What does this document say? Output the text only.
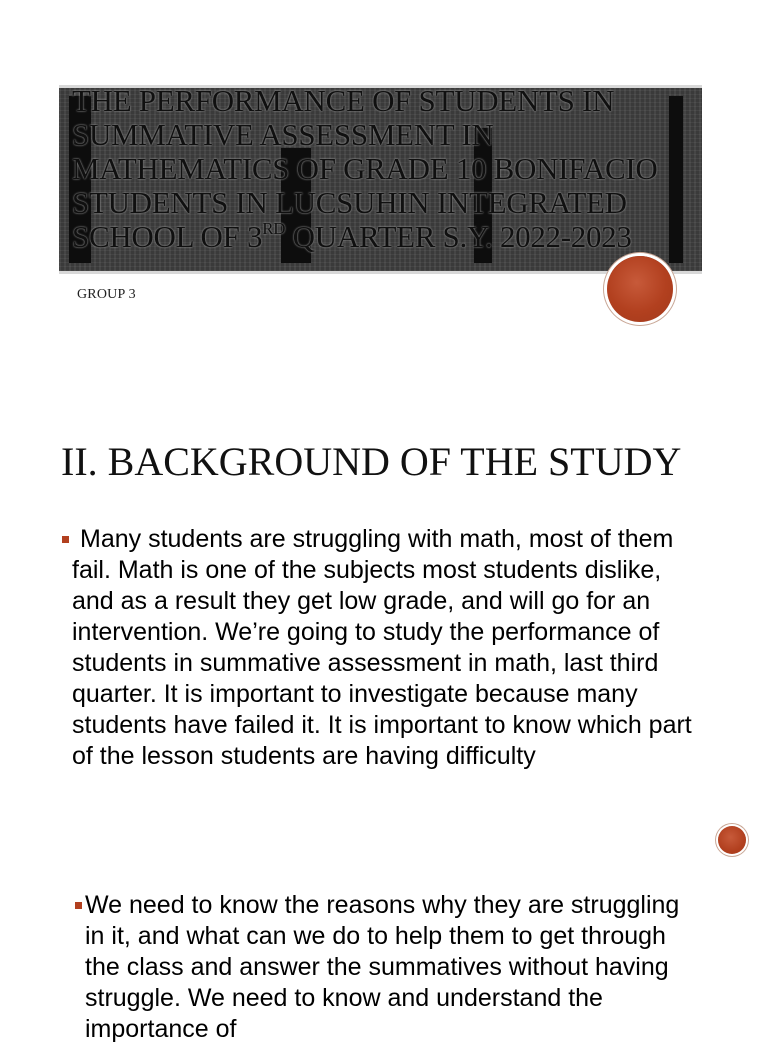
THE PERFORMANCE OF STUDENTS IN SUMMATIVE ASSESSMENT IN MATHEMATICS OF GRADE 10 BONIFACIO STUDENTS IN LUCSUHIN INTEGRATED SCHOOL OF 3RD QUARTER S.Y. 2022-2023
GROUP 3
II. BACKGROUND OF THE STUDY

Many students are struggling with math, most of them fail. Math is one of the subjects most students dislike, and as a result they get low grade, and will go for an intervention. We’re going to study the performance of students in summative assessment in math, last third quarter. It is important to investigate because many students have failed it. It is important to know which part of the lesson students are having difficulty

We need to know the reasons why they are struggling in it, and what can we do to help them to get through the class and answer the summatives without having struggle. We need to know and understand the importance of
